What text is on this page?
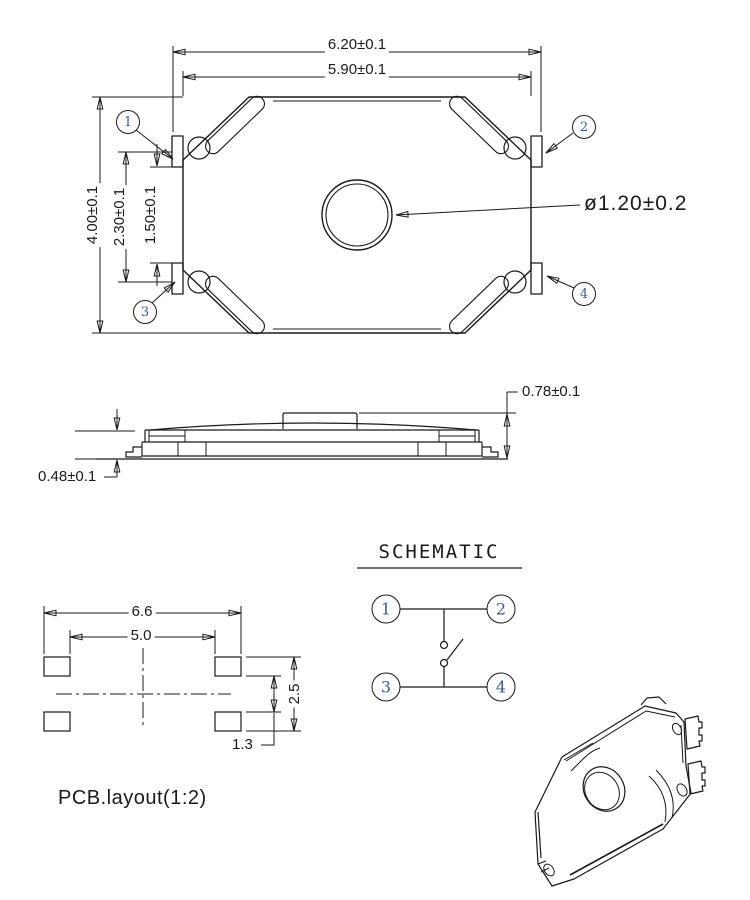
6.20±0.1
5.90±0.1
4.00±0.1 2.30±0.1 1.50±0.1	ø1.20±0.2
1	2
3
4
0.78±0.1
0.48±0.1
SCHEMATIC
1	2
3	4
6.6
5.0
2.5
1.3
PCB.layout(1:2)
